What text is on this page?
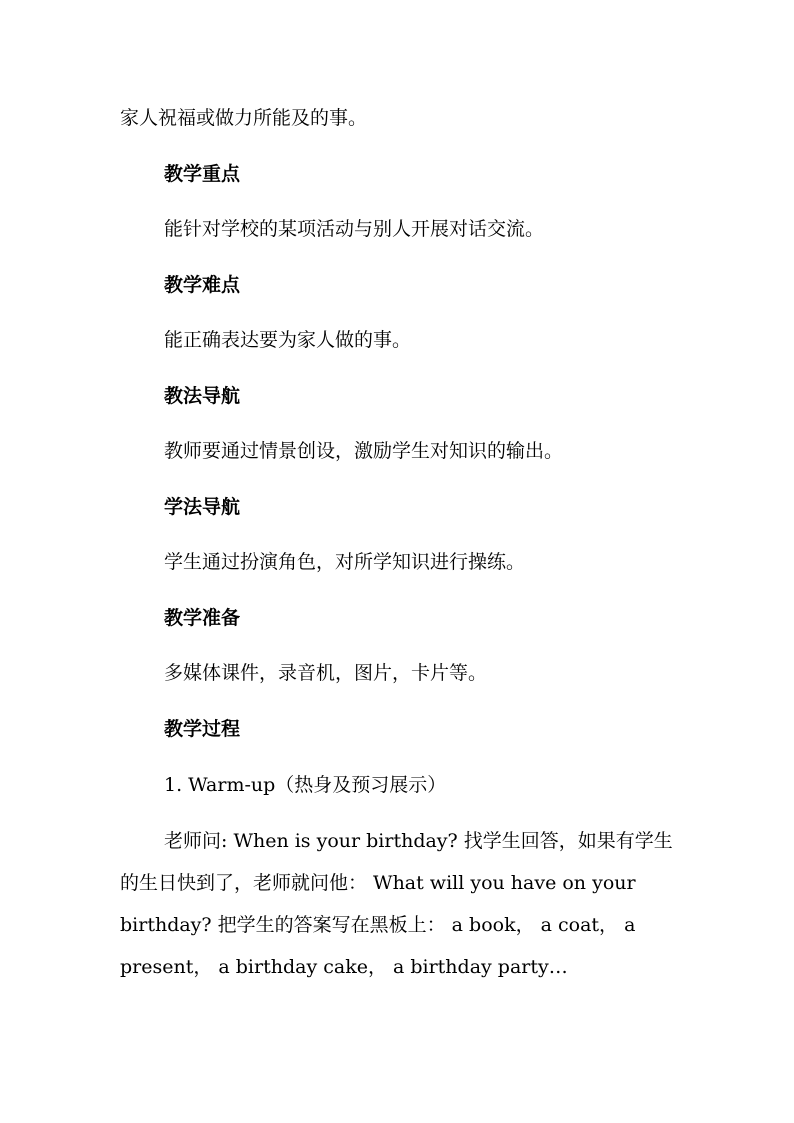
家人祝福或做力所能及的事。
教学重点
能针对学校的某项活动与别人开展对话交流。
教学难点
能正确表达要为家人做的事。
教法导航
教师要通过情景创设，激励学生对知识的输出。
学法导航
学生通过扮演角色，对所学知识进行操练。
教学准备
多媒体课件，录音机，图片，卡片等。
教学过程
1. Warm-up（热身及预习展示）
老师问: When is your birthday? 找学生回答，如果有学生
的生日快到了，老师就问他： What will you have on your
birthday? 把学生的答案写在黑板上： a book， a coat， a
present， a birthday cake， a birthday party…
